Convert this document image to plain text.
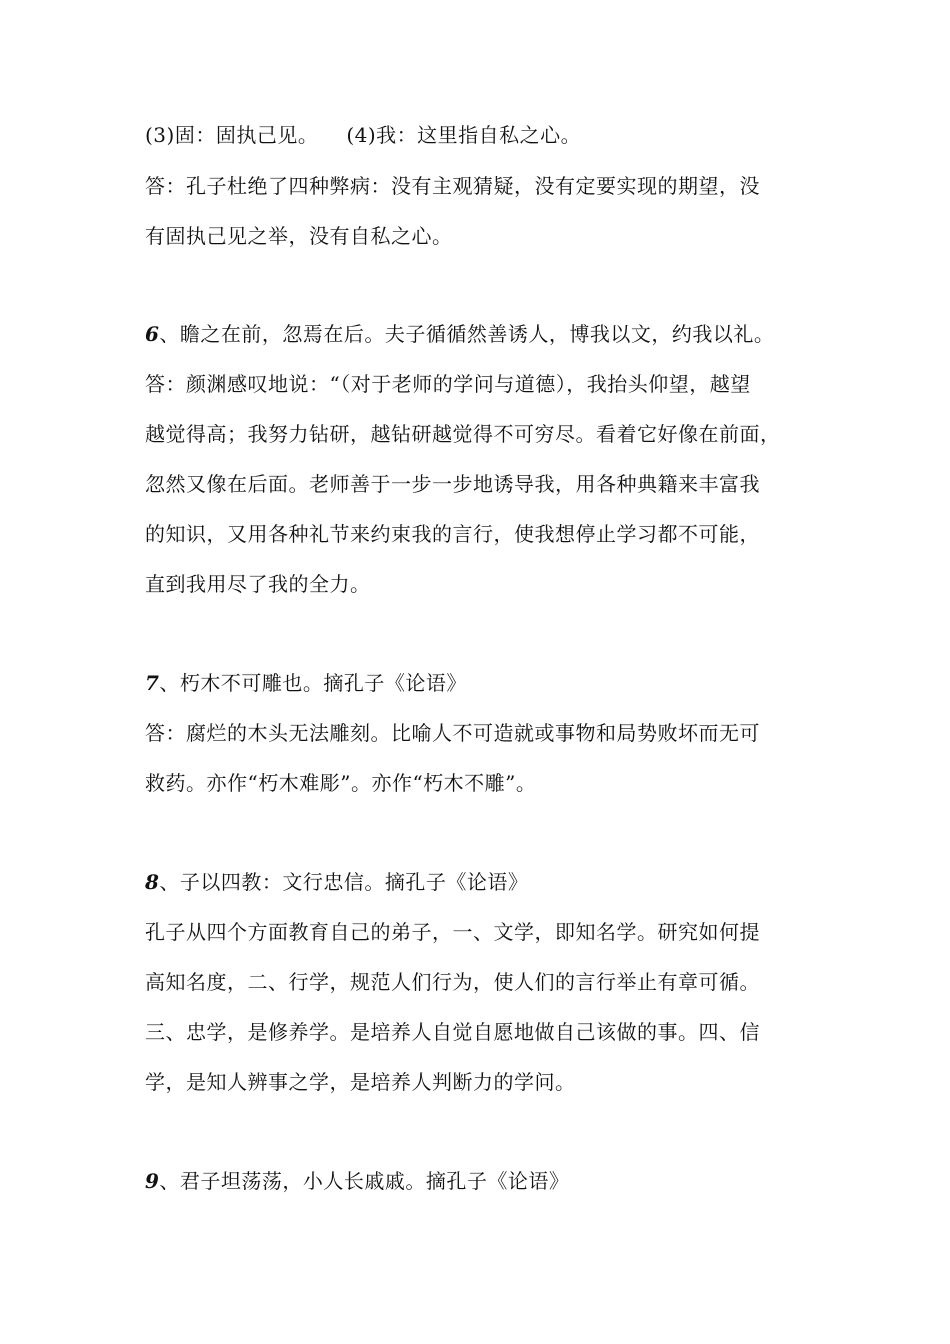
(3)固：固执己见。 (4)我：这里指自私之心。
答：孔子杜绝了四种弊病：没有主观猜疑，没有定要实现的期望，没
有固执己见之举，没有自私之心。
6、瞻之在前，忽焉在后。夫子循循然善诱人，博我以文，约我以礼。
答：颜渊感叹地说：“（对于老师的学问与道德），我抬头仰望，越望
越觉得高；我努力钻研，越钻研越觉得不可穷尽。看着它好像在前面，
忽然又像在后面。老师善于一步一步地诱导我，用各种典籍来丰富我
的知识，又用各种礼节来约束我的言行，使我想停止学习都不可能，
直到我用尽了我的全力。
7、朽木不可雕也。摘孔子《论语》
答：腐烂的木头无法雕刻。比喻人不可造就或事物和局势败坏而无可
救药。亦作“朽木难彫”。亦作“朽木不雕”。
8、子以四教：文行忠信。摘孔子《论语》
孔子从四个方面教育自己的弟子，一、文学，即知名学。研究如何提
高知名度，二、行学，规范人们行为，使人们的言行举止有章可循。
三、忠学，是修养学。是培养人自觉自愿地做自己该做的事。四、信
学，是知人辨事之学，是培养人判断力的学问。
9、君子坦荡荡，小人长戚戚。摘孔子《论语》
